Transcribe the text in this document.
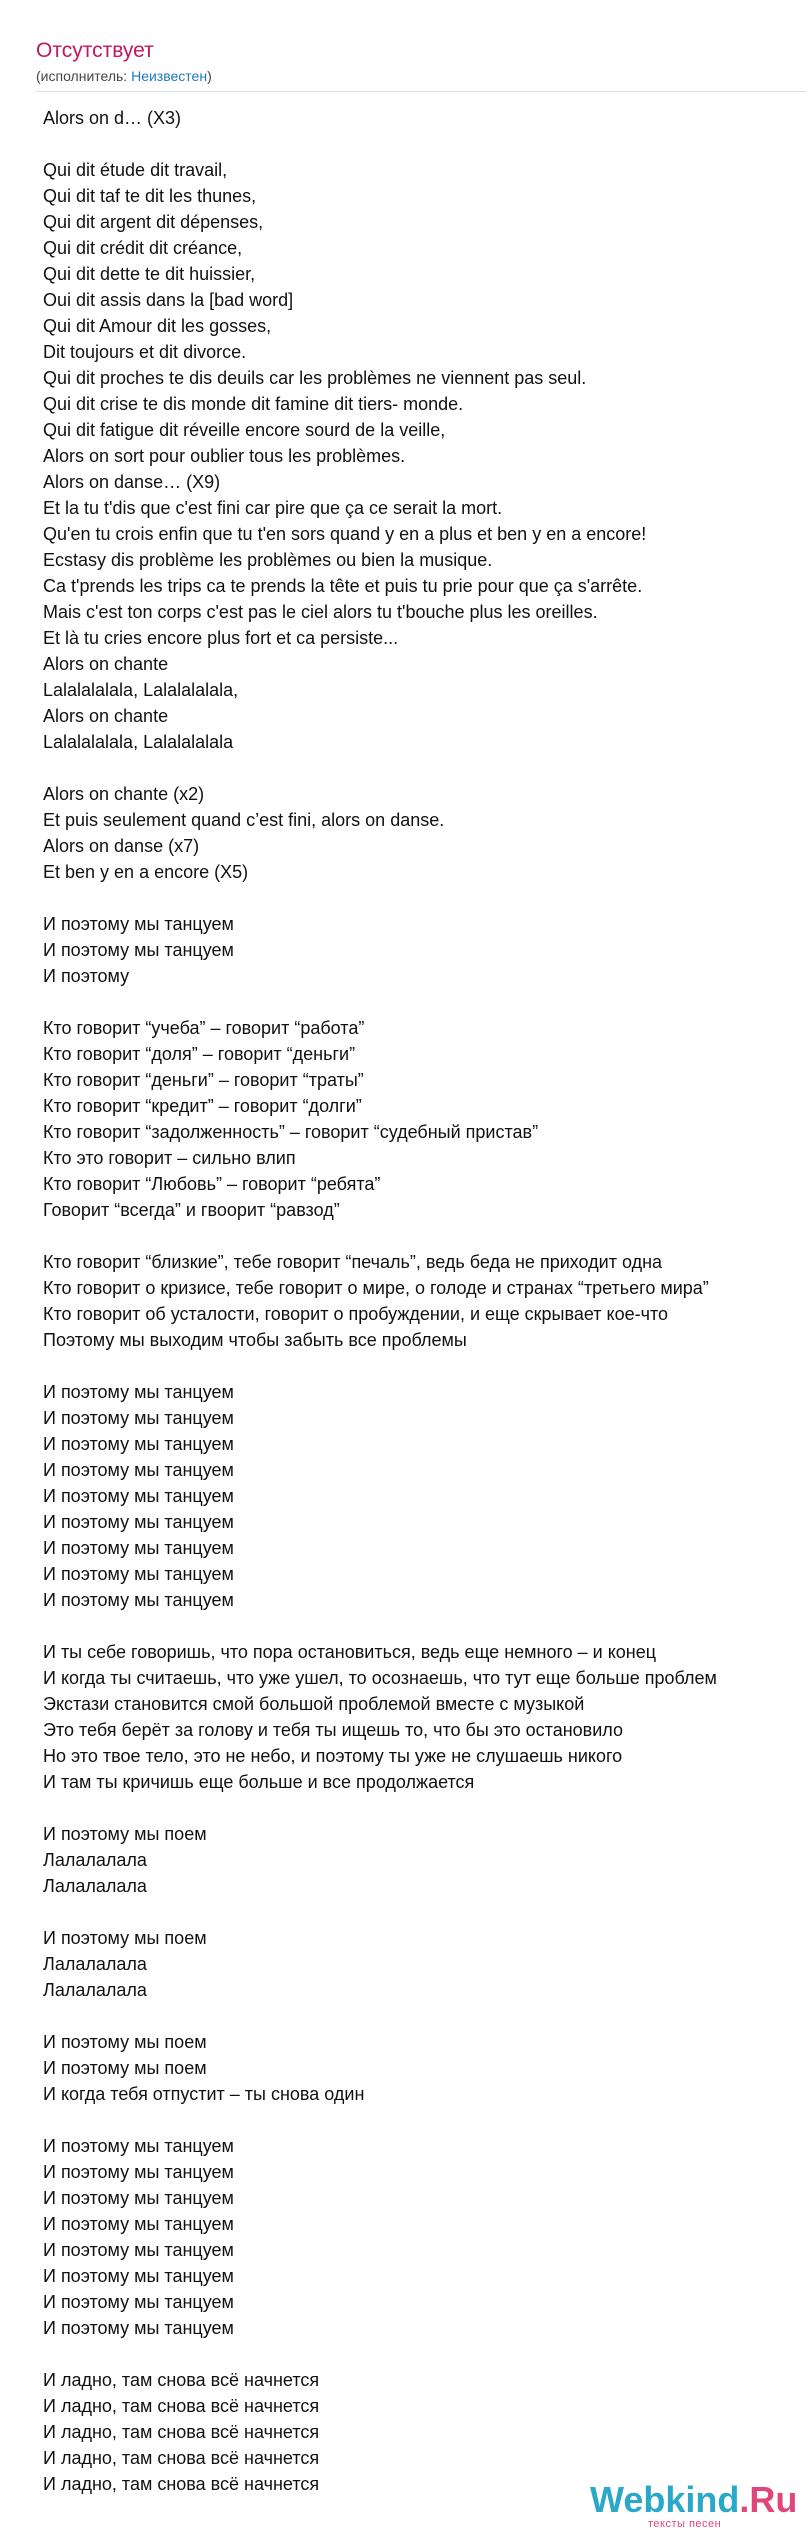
Отсутствует
(исполнитель: Неизвестен)
Alors on d… (X3)
Qui dit étude dit travail,
Qui dit taf te dit les thunes,
Qui dit argent dit dépenses,
Qui dit crédit dit créance,
Qui dit dette te dit huissier,
Oui dit assis dans la [bad word]
Qui dit Amour dit les gosses,
Dit toujours et dit divorce.
Qui dit proches te dis deuils car les problèmes ne viennent pas seul.
Qui dit crise te dis monde dit famine dit tiers- monde.
Qui dit fatigue dit réveille encore sourd de la veille,
Alors on sort pour oublier tous les problèmes.
Alors on danse… (X9)
Et la tu t'dis que c'est fini car pire que ça ce serait la mort.
Qu'en tu crois enfin que tu t'en sors quand y en a plus et ben y en a encore!
Ecstasy dis problème les problèmes ou bien la musique.
Ca t'prends les trips ca te prends la tête et puis tu prie pour que ça s'arrête.
Mais c'est ton corps c'est pas le ciel alors tu t'bouche plus les oreilles.
Et là tu cries encore plus fort et ca persiste...
Alors on chante
Lalalalalala, Lalalalalala,
Alors on chante
Lalalalalala, Lalalalalala
Alors on chante (x2)
Et puis seulement quand c’est fini, alors on danse.
Alors on danse (x7)
Et ben y en a encore (X5)
И поэтому мы танцуем
И поэтому мы танцуем
И поэтому
Кто говорит “учеба” – говорит “работа”
Кто говорит “доля” – говорит “деньги”
Кто говорит “деньги” – говорит “траты”
Кто говорит “кредит” – говорит “долги”
Кто говорит “задолженность” – говорит “судебный пристав”
Кто это говорит – сильно влип
Кто говорит “Любовь” – говорит “ребята”
Говорит “всегда” и гвоорит “равзод”
Кто говорит “близкие”, тебе говорит “печаль”, ведь беда не приходит одна
Кто говорит о кризисе, тебе говорит о мире, о голоде и странах “третьего мира”
Кто говорит об усталости, говорит о пробуждении, и еще скрывает кое-что
Поэтому мы выходим чтобы забыть все проблемы
И поэтому мы танцуем
И поэтому мы танцуем
И поэтому мы танцуем
И поэтому мы танцуем
И поэтому мы танцуем
И поэтому мы танцуем
И поэтому мы танцуем
И поэтому мы танцуем
И поэтому мы танцуем
И ты себе говоришь, что пора остановиться, ведь еще немного – и конец
И когда ты считаешь, что уже ушел, то осознаешь, что тут еще больше проблем
Экстази становится смой большой проблемой вместе с музыкой
Это тебя берёт за голову и тебя ты ищешь то, что бы это остановило
Но это твое тело, это не небо, и поэтому ты уже не слушаешь никого
И там ты кричишь еще больше и все продолжается
И поэтому мы поем
Лалалалала
Лалалалала
И поэтому мы поем
Лалалалала
Лалалалала
И поэтому мы поем
И поэтому мы поем
И когда тебя отпустит – ты снова один
И поэтому мы танцуем
И поэтому мы танцуем
И поэтому мы танцуем
И поэтому мы танцуем
И поэтому мы танцуем
И поэтому мы танцуем
И поэтому мы танцуем
И поэтому мы танцуем
И ладно, там снова всё начнется
И ладно, там снова всё начнется
И ладно, там снова всё начнется
И ладно, там снова всё начнется
И ладно, там снова всё начнется	Webkind.Ru
тексты песен
